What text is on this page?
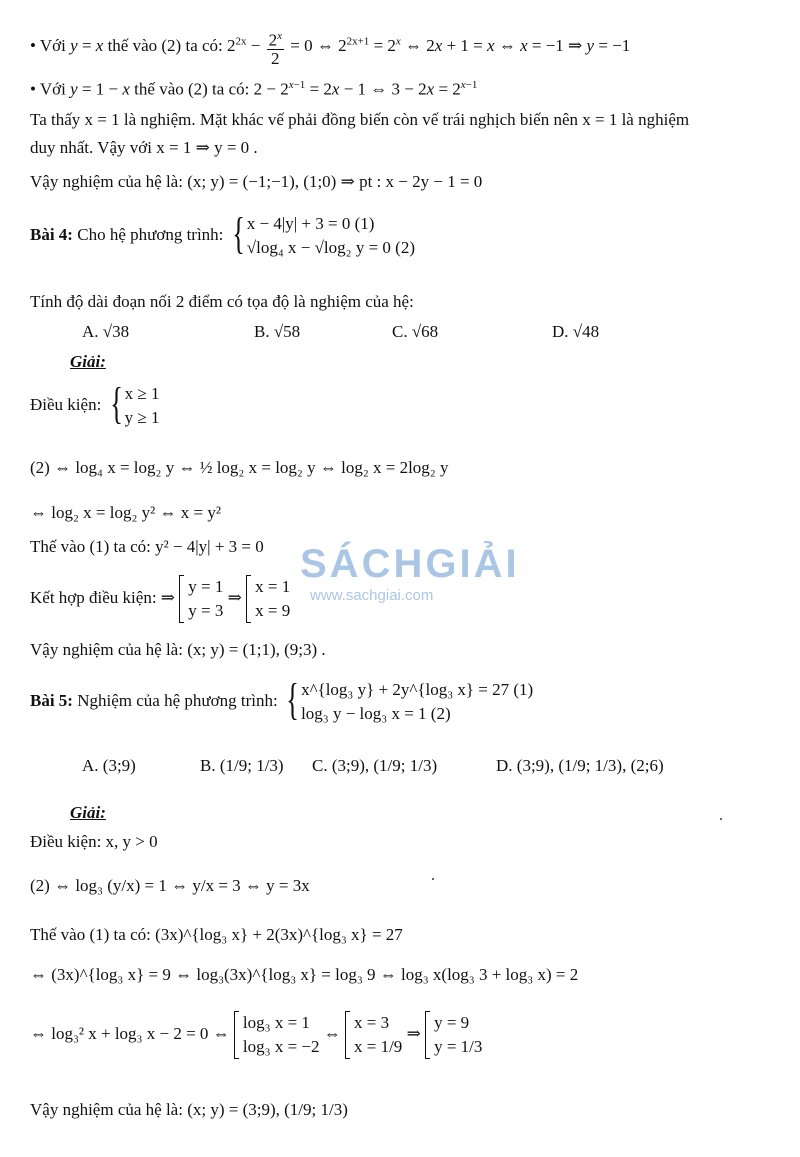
• Với y = x thế vào (2) ta có: $2^{2x} - \frac{2^x}{2} = 0$ ⇔ $2^{2x+1} = 2^x$ ⇔ 2x + 1 = x ⇔ x = −1 ⇒ y = −1
• Với y = 1 − x thế vào (2) ta có: $2 - 2^{x-1} = 2x - 1$ ⇔ $3 - 2x = 2^{x-1}$
Ta thấy x = 1 là nghiệm. Mặt khác vế phải đồng biến còn vế trái nghịch biến nên x = 1 là nghiệm
duy nhất. Vậy với x = 1 ⇒ y = 0 .
Vậy nghiệm của hệ là: (x; y) = (−1;−1), (1;0) ⇒ pt : x − 2y − 1 = 0
Bài 4: Cho hệ phương trình: { x − 4|y| + 3 = 0 (1)
√log₄ x − √log₂ y = 0 (2)
Tính độ dài đoạn nối 2 điểm có tọa độ là nghiệm của hệ:
A. √38	B. √58	C. √68	D. √48
Giải:
Điều kiện: { x ≥ 1
y ≥ 1
(2) ⇔ log₄ x = log₂ y ⇔ ½ log₂ x = log₂ y ⇔ log₂ x = 2log₂ y
⇔ log₂ x = log₂ y² ⇔ x = y²
Thế vào (1) ta có: y² − 4|y| + 3 = 0
Kết hợp điều kiện: ⇒
y = 1
y = 3
⇒
x = 1
x = 9
Vậy nghiệm của hệ là: (x; y) = (1;1), (9;3) .
Bài 5: Nghiệm của hệ phương trình: { x^{log₃ y} + 2y^{log₃ x} = 27 (1)
log₃ y − log₃ x = 1 (2)
A. (3;9)	B. (1/9; 1/3)	C. (3;9), (1/9; 1/3)	D. (3;9), (1/9; 1/3), (2;6)
Giải:
Điều kiện: x, y > 0
(2) ⇔ log₃ (y/x) = 1 ⇔ y/x = 3 ⇔ y = 3x
Thế vào (1) ta có: (3x)^{log₃ x} + 2(3x)^{log₃ x} = 27
⇔ (3x)^{log₃ x} = 9 ⇔ log₃(3x)^{log₃ x} = log₃ 9 ⇔ log₃ x(log₃ 3 + log₃ x) = 2
⇔ log₃² x + log₃ x − 2 = 0 ⇔
log₃ x = 1
log₃ x = −2
⇔
x = 3
x = 1/9
⇒
y = 9
y = 1/3
Vậy nghiệm của hệ là: (x; y) = (3;9), (1/9; 1/3)
SÁCHGIẢI
www.sachgiai.com
